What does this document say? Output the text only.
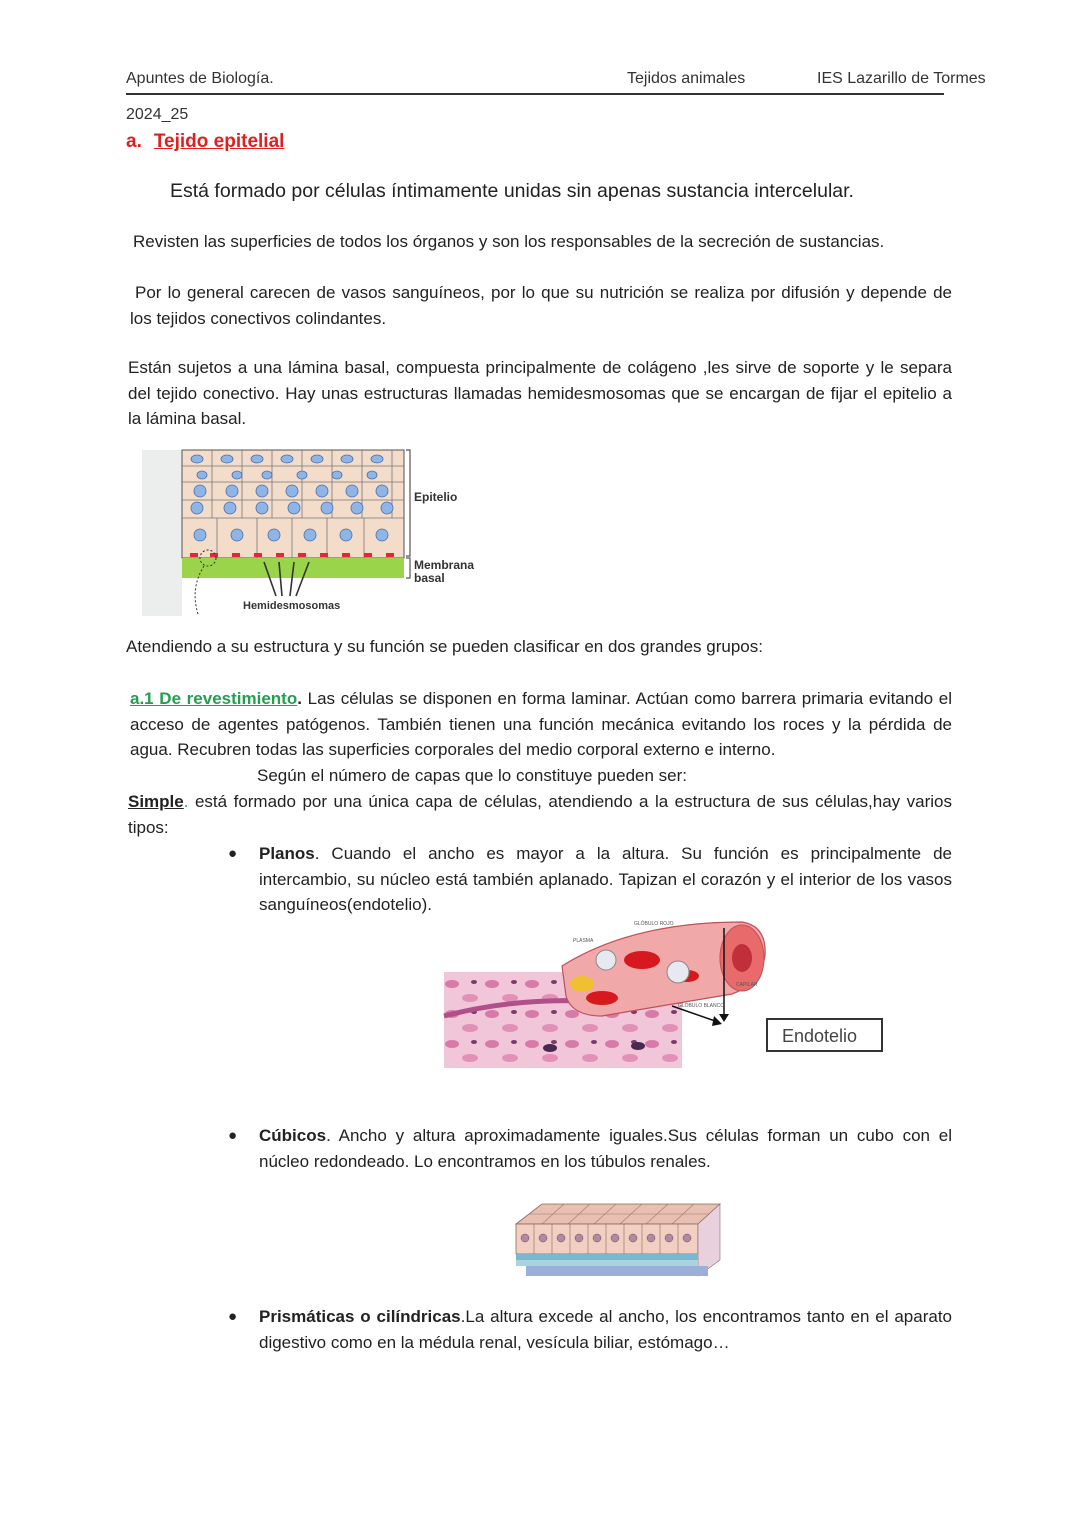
Apuntes de Biología.	Tejidos animales	IES Lazarillo de Tormes
2024_25
a. Tejido epitelial
Está formado por células íntimamente unidas sin apenas sustancia intercelular.
Revisten las superficies de todos los órganos y son los responsables de la secreción de sustancias.
Por lo general carecen de vasos sanguíneos, por lo que su nutrición se realiza por difusión y depende de los tejidos conectivos colindantes.
Están sujetos a una lámina basal, compuesta principalmente de colágeno ,les sirve de soporte y le separa del tejido conectivo. Hay unas estructuras llamadas hemidesmosomas que se encargan de fijar el epitelio a la lámina basal.
Epitelio
Membrana
basal
Hemidesmosomas
Atendiendo a su estructura y su función se pueden clasificar en dos grandes grupos:
a.1 De revestimiento. Las células se disponen en forma laminar. Actúan como barrera primaria evitando el acceso de agentes patógenos. También tienen una función mecánica evitando los roces y la pérdida de agua. Recubren todas las superficies corporales del medio corporal externo e interno.
Según el número de capas que lo constituye pueden ser:
Simple. está formado por una única capa de células, atendiendo a la estructura de sus células,hay varios tipos:
● Planos. Cuando el ancho es mayor a la altura. Su función es principalmente de intercambio, su núcleo está también aplanado. Tapizan el corazón y el interior de los vasos sanguíneos(endotelio).
PLASMA
GLÓBULO ROJO
CAPILAR
GLÓBULO BLANCO
Endotelio
● Cúbicos. Ancho y altura aproximadamente iguales.Sus células forman un cubo con el núcleo redondeado. Lo encontramos en los túbulos renales.
● Prismáticas o cilíndricas.La altura excede al ancho, los encontramos tanto en el aparato digestivo como en la médula renal, vesícula biliar, estómago…
